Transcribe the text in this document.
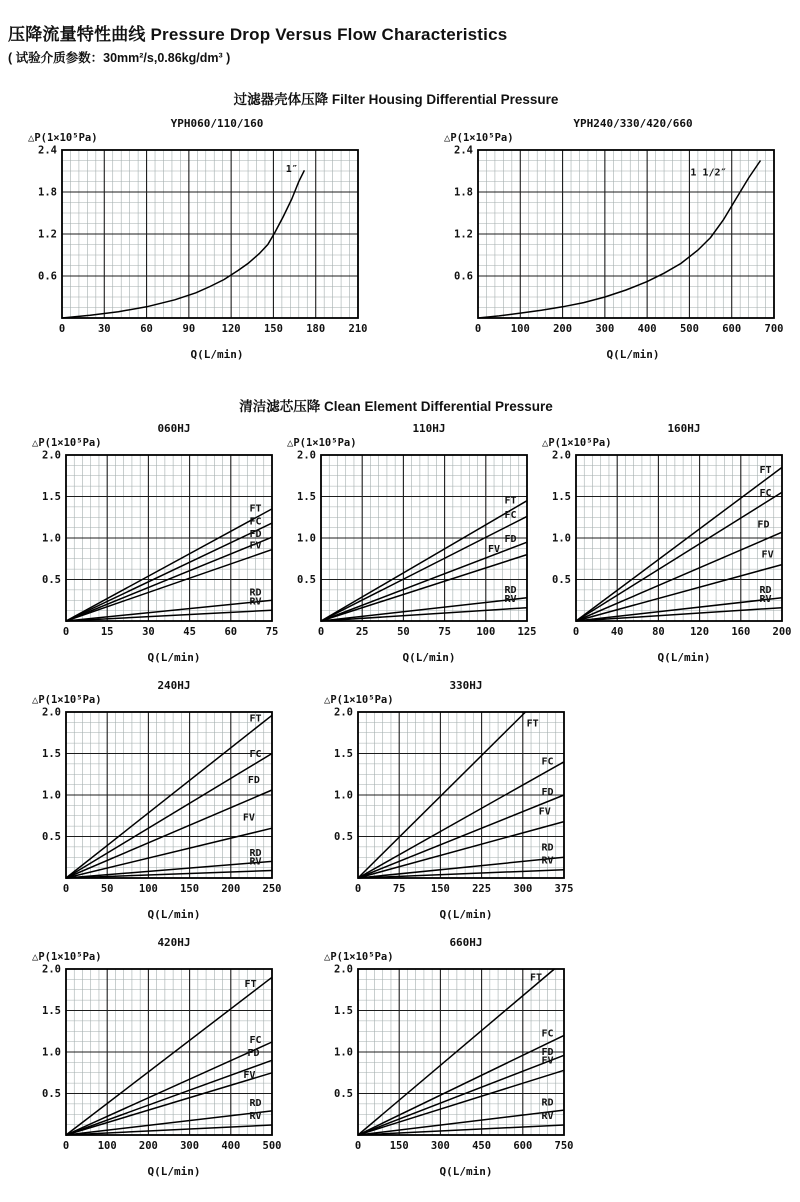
压降流量特性曲线 Pressure Drop Versus Flow Characteristics
( 试验介质参数：30mm²/s,0.86kg/dm³ )
过滤器壳体压降 Filter Housing Differential Pressure
YPH060/110/160
△P(1×10⁵Pa)
1″
0	30	60	90	120 150 180 210
0.6
1.2
1.8
2.4
Q(L/min)
YPH240/330/420/660
△P(1×10⁵Pa)
1 1/2″
0	100 200 300 400 500 600 700
0.6
1.2
1.8
2.4
Q(L/min)
清洁滤芯压降 Clean Element Differential Pressure
060HJ
△P(1×10⁵Pa)
FT
FC
FD
FV
RD
RV
0	15	30	45	60	75
0.5
1.0
1.5
2.0
Q(L/min)
110HJ
△P(1×10⁵Pa)
FT
FC
FD
FV
RD
RV
0	25	50	75 100 125
0.5
1.0
1.5
2.0
Q(L/min)
160HJ
△P(1×10⁵Pa)
FT
FC
FD
FV
RD
RV
0	40	80 120 160 200
0.5
1.0
1.5
2.0
Q(L/min)
240HJ
△P(1×10⁵Pa)
FT
FC
FD
FV
RD
RV
0	50 100 150 200 250
0.5
1.0
1.5
2.0
Q(L/min)
330HJ
△P(1×10⁵Pa)
FT
FC
FD
FV
RD
RV
0	75 150 225 300 375
0.5
1.0
1.5
2.0
Q(L/min)
420HJ
△P(1×10⁵Pa)
FT
FC
FD
FV
RD
RV
0	100 200 300 400 500
0.5
1.0
1.5
2.0
Q(L/min)
660HJ
△P(1×10⁵Pa)
FT
FC
FD
FV
RD
RV
0	150 300 450 600 750
0.5
1.0
1.5
2.0
Q(L/min)
